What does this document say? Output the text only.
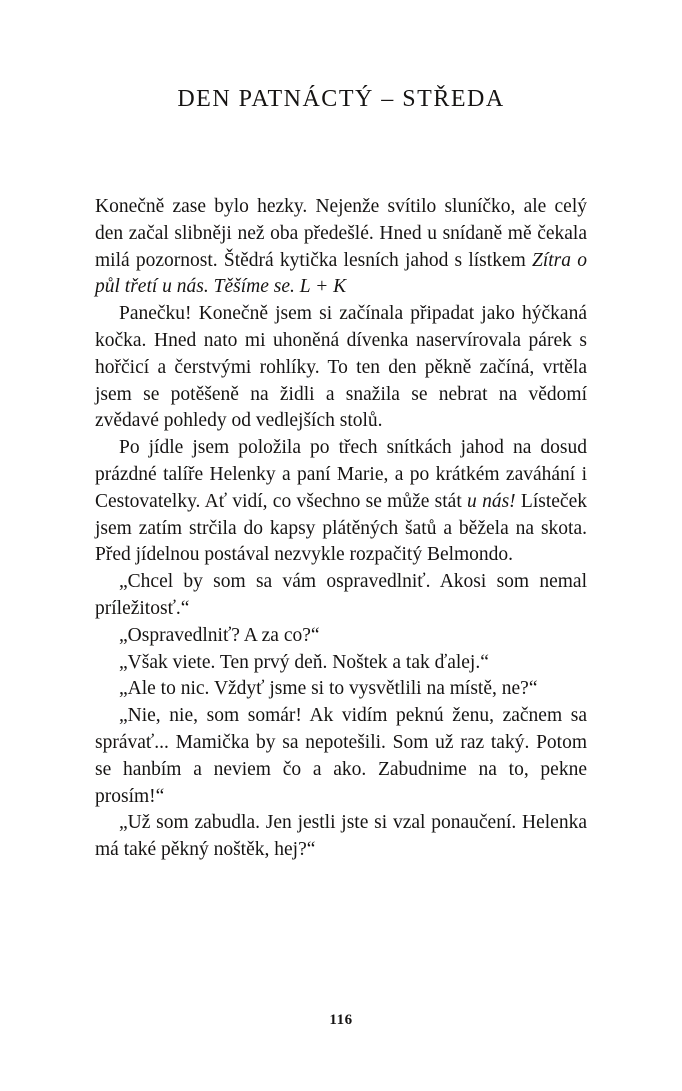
DEN PATNÁCTÝ – STŘEDA

Konečně zase bylo hezky. Nejenže svítilo sluníčko, ale celý den začal slibněji než oba předešlé. Hned u snídaně mě čekala milá pozornost. Štědrá kytička lesních jahod s lístkem Zítra o půl třetí u nás. Těšíme se. L + K

Panečku! Konečně jsem si začínala připadat jako hýčkaná kočka. Hned nato mi uhoněná dívenka naservírovala párek s hořčicí a čerstvými rohlíky. To ten den pěkně začíná, vrtěla jsem se potěšeně na židli a snažila se nebrat na vědomí zvědavé pohledy od vedlejších stolů.

Po jídle jsem položila po třech snítkách jahod na dosud prázdné talíře Helenky a paní Marie, a po krátkém zaváhání i Cestovatelky. Ať vidí, co všechno se může stát u nás! Lísteček jsem zatím strčila do kapsy plátěných šatů a běžela na skota. Před jídelnou postával nezvykle rozpačitý Belmondo.

„Chcel by som sa vám ospravedlniť. Akosi som nemal príležitosť.“

„Ospravedlniť? A za co?“

„Však viete. Ten prvý deň. Noštek a tak ďalej.“

„Ale to nic. Vždyť jsme si to vysvětlili na místě, ne?“

„Nie, nie, som somár! Ak vidím peknú ženu, začnem sa správať... Mamička by sa nepotešili. Som už raz taký. Potom se hanbím a neviem čo a ako. Zabudnime na to, pekne prosím!“

„Už som zabudla. Jen jestli jste si vzal ponaučení. Helenka má také pěkný noštěk, hej?“

116
